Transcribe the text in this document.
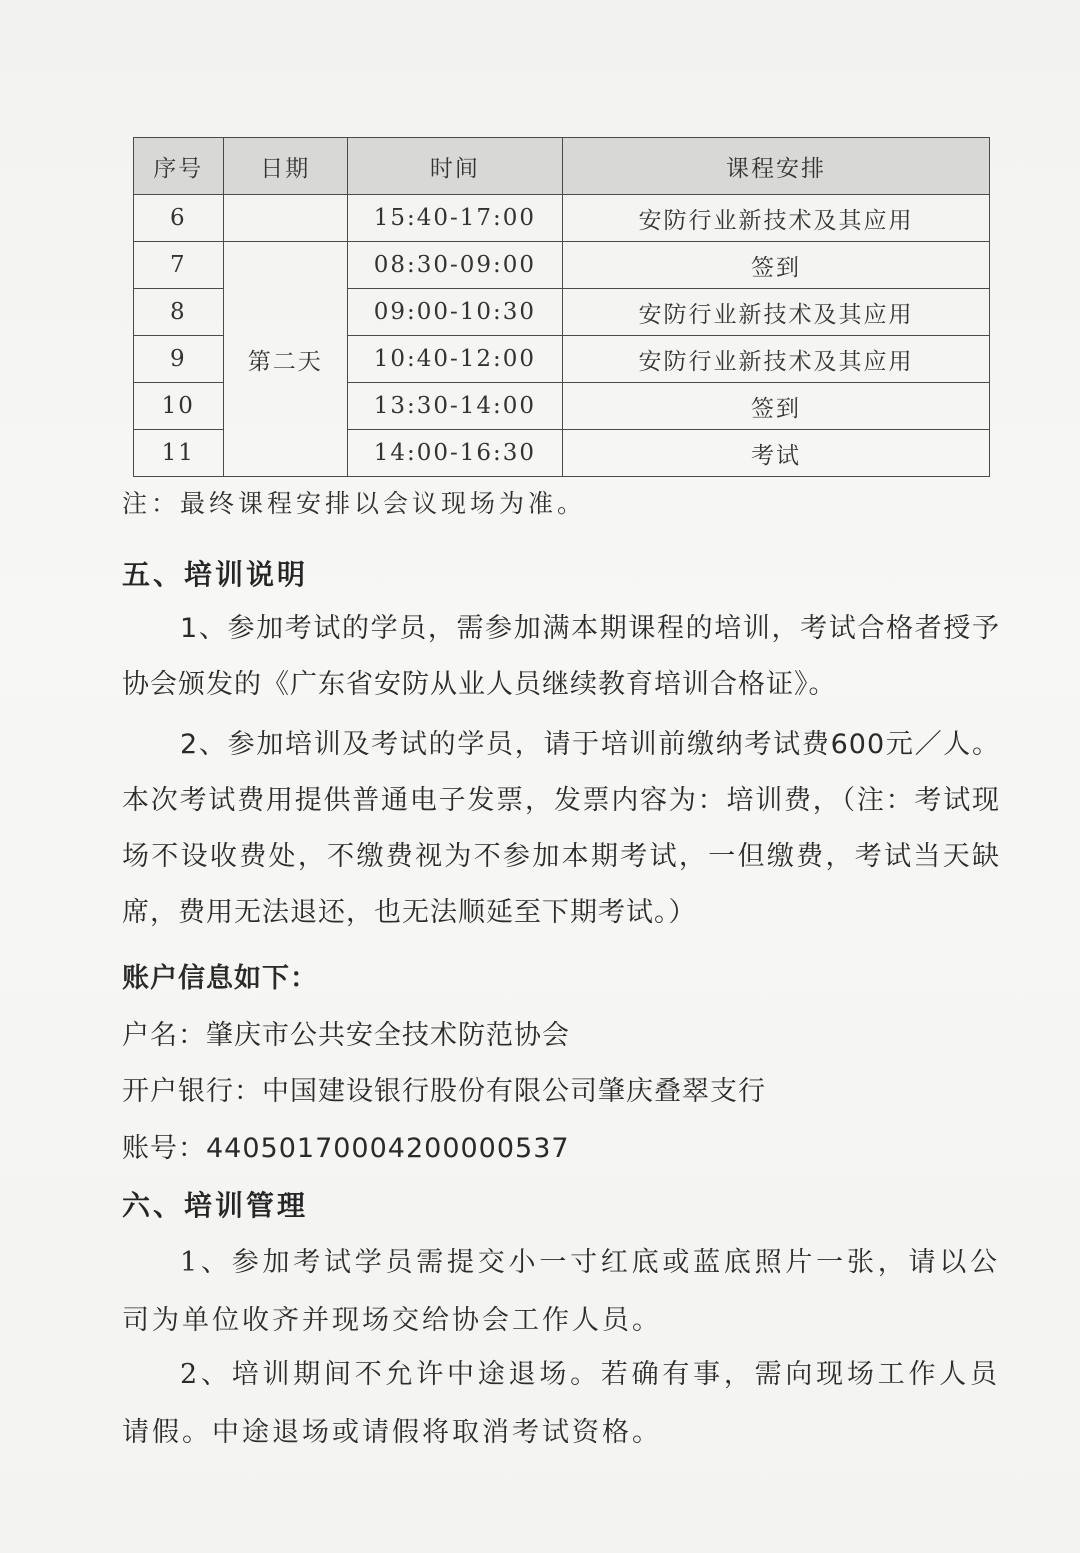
序号	日期	时间	课程安排
6		15:40-17:00	安防行业新技术及其应用
7	第二天	08:30-09:00	签到
8		09:00-10:30	安防行业新技术及其应用
9		10:40-12:00	安防行业新技术及其应用
10		13:30-14:00	签到
11		14:00-16:30	考试
注：最终课程安排以会议现场为准。
五、培训说明
1、参加考试的学员，需参加满本期课程的培训，考试合格者授予协会颁发的《广东省安防从业人员继续教育培训合格证》。
2、参加培训及考试的学员，请于培训前缴纳考试费600元／人。本次考试费用提供普通电子发票，发票内容为：培训费，（注：考试现场不设收费处，不缴费视为不参加本期考试，一但缴费，考试当天缺席，费用无法退还，也无法顺延至下期考试。）
账户信息如下：
户名：肇庆市公共安全技术防范协会
开户银行：中国建设银行股份有限公司肇庆叠翠支行
账号：44050170004200000537
六、培训管理
1、参加考试学员需提交小一寸红底或蓝底照片一张，请以公司为单位收齐并现场交给协会工作人员。
2、培训期间不允许中途退场。若确有事，需向现场工作人员请假。中途退场或请假将取消考试资格。
